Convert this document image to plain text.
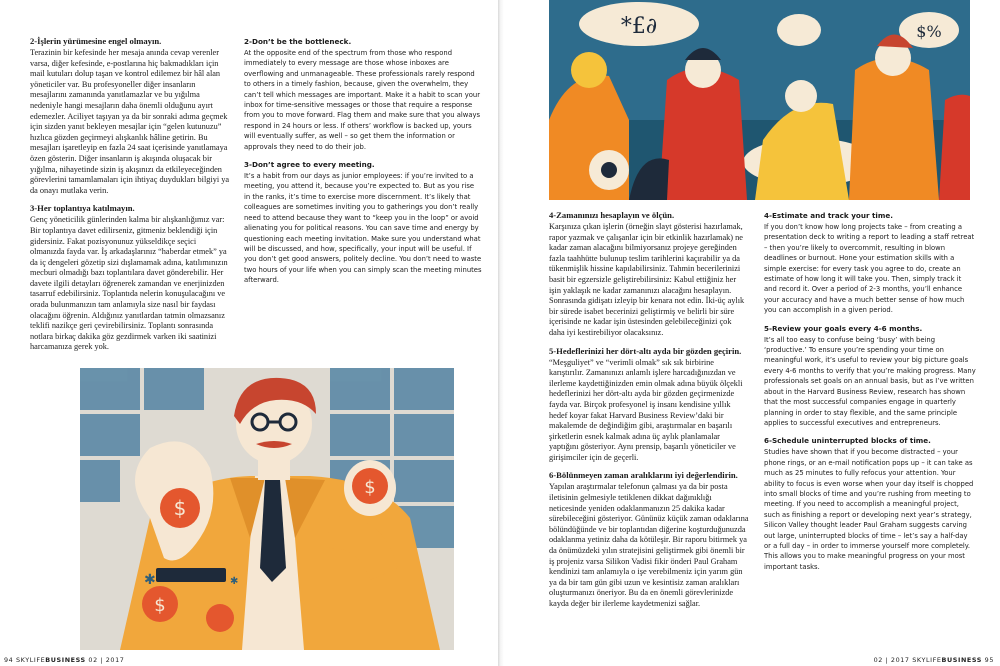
2-İşlerin yürümesine engel olmayın.

Terazinin bir kefesinde her mesaja anında cevap verenler varsa, diğer kefesinde, e-postlarına hiç bakmadıkları için mail kutuları dolup taşan ve kontrol edilemez bir hâl alan yöneticiler var. Bu profesyoneller diğer insanların mesajlarını zamanında yanıtlamazlar ve bu yığılma nedeniyle hangi mesajların daha önemli olduğunu ayırt edemezler. Aciliyet taşıyan ya da bir sonraki adıma geçmek için sizden yanıt bekleyen mesajlar için “gelen kutunuzu” hızlıca gözden geçirmeyi alışkanlık hâline getirin. Bu mesajları işaretleyip en fazla 24 saat içerisinde yanıtlamaya özen gösterin. Diğer insanların iş akışında oluşacak bir yığılma, nihayetinde sizin iş akışınızı da etkileyeceğinden görevlerini tamamlamaları için ihtiyaç duydukları bilgiyi ya da onayı mutlaka verin.

3-Her toplantıya katılmayın.

Genç yöneticilik günlerinden kalma bir alışkanlığımız var: Bir toplantıya davet edilirseniz, gitmeniz beklendiği için gidersiniz. Fakat pozisyonunuz yükseldikçe seçici olmanızda fayda var. İş arkadaşlarınız “haberdar etmek” ya da iç dengeleri gözetip sizi dışlamamak adına, katılımınızın mecburi olmadığı bazı toplantılara davet gönderebilir. Her davete ilgili detayları öğrenerek zamandan ve enerjinizden tasarruf edebilirsiniz. Toplantıda nelerin konuşulacağını ve orada bulunmanızın tam anlamıyla size nasıl bir faydası olacağını öğrenin. Aldığınız yanıtlardan tatmin olmazsanız teklifi nazikçe geri çevirebilirsiniz. Toplantı sonrasında notlara birkaç dakika göz gezdirmek varken iki saatinizi harcamanıza gerek yok.

2-Don’t be the bottleneck.

At the opposite end of the spectrum from those who respond immediately to every message are those whose inboxes are overflowing and unmanageable. These professionals rarely respond to others in a timely fashion, because, given the overwhelm, they can’t tell which messages are important. Make it a habit to scan your inbox for time-sensitive messages or those that require a response from you to move forward. Flag them and make sure that you always respond in 24 hours or less. If others’ workflow is backed up, yours will eventually suffer, as well – so get them the information or approvals they need to do their job.

3-Don’t agree to every meeting.

It’s a habit from our days as junior employees: if you’re invited to a meeting, you attend it, because you’re expected to. But as you rise in the ranks, it’s time to exercise more discernment. It’s likely that colleagues are sometimes inviting you to gatherings you don’t really need to attend because they want to “keep you in the loop” or avoid alienating you for political reasons. You can save time and energy by questioning each meeting invitation. Make sure you understand what will be discussed, and how, specifically, your input will be useful. If you don’t get good answers, politely decline. You don’t need to waste two hours of your life when you can simply scan the meeting minutes afterward.

$
$
$
✱	✱
94 SKYLIFEBUSINESS 02 | 2017
*£∂	$%
4-Zamanınızı hesaplayın ve ölçün.

Karşınıza çıkan işlerin (örneğin slayt gösterisi hazırlamak, rapor yazmak ve çalışanlar için bir etkinlik hazırlamak) ne kadar zaman alacağını bilmiyorsanız projeye gereğinden fazla taahhütte bulunup teslim tarihlerini kaçırabilir ya da tükenmişlik hissine kapılabilirsiniz. Tahmin becerilerinizi basit bir egzersizle geliştirebilirsiniz: Kabul ettiğiniz her işin yaklaşık ne kadar zamanınızı alacağını hesaplayın. Sonrasında gidişatı izleyip bir kenara not edin. İki-üç aylık bir sürede isabet becerinizi geliştirmiş ve belirli bir süre içerisinde ne kadar işin üstesinden gelebileceğinizi çok daha iyi kestirebiliyor olacaksınız.

5-Hedeflerinizi her dört-altı ayda bir gözden geçirin.

“Meşguliyet” ve “verimli olmak” sık sık birbirine karıştırılır. Zamanınızı anlamlı işlere harcadığınızdan ve ilerleme kaydettiğinizden emin olmak adına büyük ölçekli hedeflerinizi her dört-altı ayda bir gözden geçirmenizde fayda var. Birçok profesyonel iş insanı kendisine yıllık hedef koyar fakat Harvard Business Review’daki bir makalemde de değindiğim gibi, araştırmalar en başarılı şirketlerin esnek kalmak adına üç aylık planlamalar yaptığını gösteriyor. Aynı prensip, başarılı yöneticiler ve girişimciler için de geçerli.

6-Bölünmeyen zaman aralıklarını iyi değerlendirin.

Yapılan araştırmalar telefonun çalması ya da bir posta iletisinin gelmesiyle tetiklenen dikkat dağınıklığı neticesinde yeniden odaklanmanızın 25 dakika kadar sürebileceğini gösteriyor. Gününüz küçük zaman odaklarına bölündüğünde ve bir toplantıdan diğerine koşturduğunuzda odaklanma yetiniz daha da kötüleşir. Bir raporu bitirmek ya da önümüzdeki yılın stratejisini geliştirmek gibi önemli bir iş projeniz varsa Silikon Vadisi fikir önderi Paul Graham kendinizi tam anlamıyla o işe verebilmeniz için yarım gün ya da bir tam gün gibi uzun ve kesintisiz zaman aralıkları oluşturmanızı öneriyor. Bu da en önemli görevlerinizde kayda değer bir ilerleme kaydetmenizi sağlar.

4-Estimate and track your time.

If you don’t know how long projects take – from creating a presentation deck to writing a report to leading a staff retreat – then you’re likely to overcommit, resulting in blown deadlines or burnout. Hone your estimation skills with a simple exercise: for every task you agree to do, create an estimate of how long it will take you. Then, simply track it and record it. Over a period of 2-3 months, you’ll enhance your accuracy and have a much better sense of how much you can accomplish in a given period.

5-Review your goals every 4-6 months.

It’s all too easy to confuse being ‘busy’ with being ‘productive.’ To ensure you’re spending your time on meaningful work, it’s useful to review your big picture goals every 4-6 months to verify that you’re making progress. Many professionals set goals on an annual basis, but as I’ve written about in the Harvard Business Review, research has shown that the most successful companies engage in quarterly planning in order to stay flexible, and the same principle applies to successful executives and entrepreneurs.

6-Schedule uninterrupted blocks of time.

Studies have shown that if you become distracted – your phone rings, or an e-mail notification pops up – it can take as much as 25 minutes to fully refocus your attention. Your ability to focus is even worse when your day itself is chopped into small blocks of time and you’re rushing from meeting to meeting. If you need to accomplish a meaningful project, such as finishing a report or developing next year’s strategy, Silicon Valley thought leader Paul Graham suggests carving out large, uninterrupted blocks of time – let’s say a half-day or a full day – in order to immerse yourself more completely. This allows you to make meaningful progress on your most important tasks.

02 | 2017 SKYLIFEBUSINESS 95
